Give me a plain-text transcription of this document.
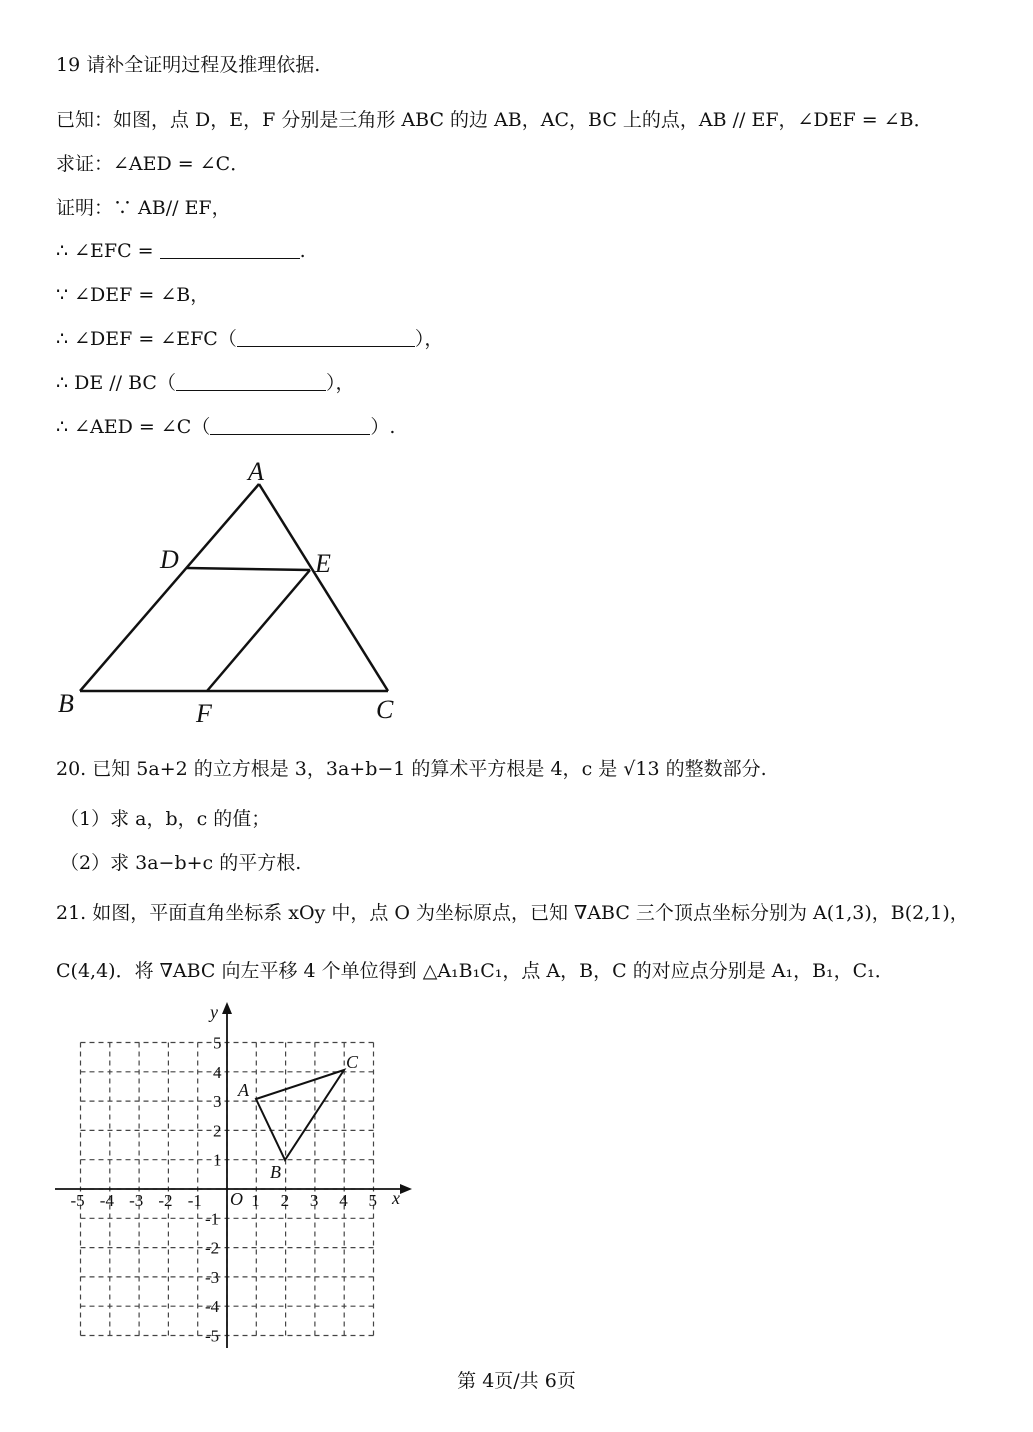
19 请补全证明过程及推理依据.
已知：如图，点 D，E，F 分别是三角形 ABC 的边 AB，AC，BC 上的点，AB // EF，∠DEF = ∠B．
求证：∠AED = ∠C．
证明：∵ AB// EF，
∴ ∠EFC =	.
∵ ∠DEF = ∠B，
∴ ∠DEF = ∠EFC（	），
∴ DE // BC（	），
∴ ∠AED = ∠C（	）.
A
B	C
D	E
F
20. 已知 5a+2 的立方根是 3，3a+b−1 的算术平方根是 4，c 是 √13 的整数部分.
（1）求 a，b，c 的值；
（2）求 3a−b+c 的平方根.
21. 如图，平面直角坐标系 xOy 中，点 O 为坐标原点，已知 ∇ABC 三个顶点坐标分别为 A(1,3)，B(2,1)，
C(4,4)．将 ∇ABC 向左平移 4 个单位得到 △A₁B₁C₁，点 A，B，C 的对应点分别是 A₁，B₁，C₁．
x
y
O
-5 -4 -3 -2 -1	1 2 3 4 5
5
4
3
2
1
-1
-2
-3
-4
-5
A
B
C
第 4页/共 6页
